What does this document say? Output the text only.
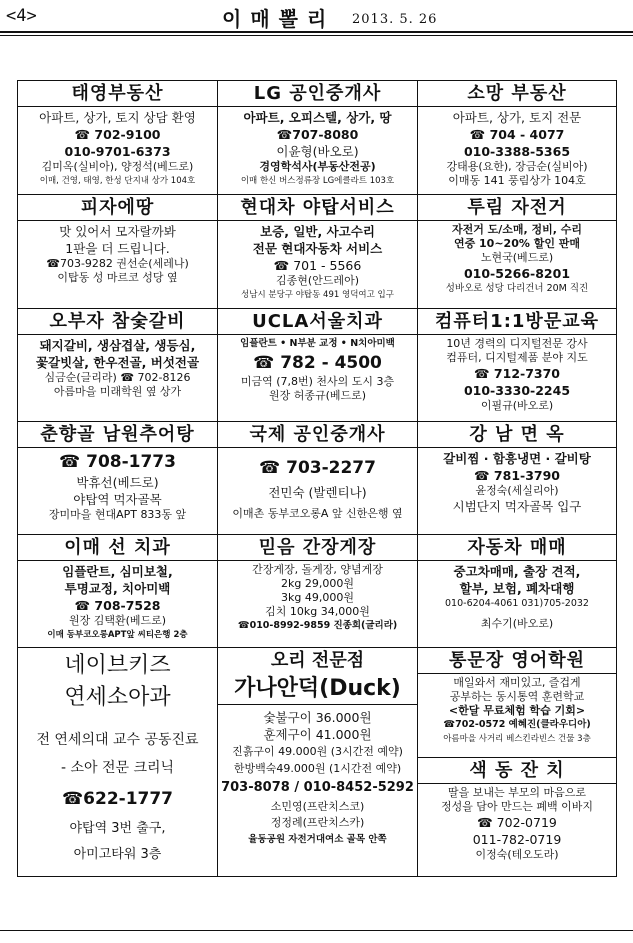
<4>	이매뽈리 2013. 5. 26
태영부동산
아파트, 상가, 토지 상담 환영
☎ 702-9100
010-9701-6373
김미옥(실비아), 양정석(베드로)
이매, 건영, 태영, 한성 단지내 상가 104호
LG 공인중개사
아파트, 오피스텔, 상가, 땅
☎707-8080
이윤형(바오로)
경영학석사(부동산전공)
이매 한신 버스정류장 LG에클라트 103호
소망 부동산
아파트, 상가, 토지 전문
☎ 704 - 4077
010-3388-5365
강태용(요한), 장금순(실비아)
이매동 141 풍림상가 104호
피자에땅
맛 있어서 모자랄까봐
1판을 더 드립니다.
☎703-9282 권선순(세레나)
이탑동 성 마르코 성당 옆
현대차 야탑서비스
보증, 일반, 사고수리
전문 현대자동차 서비스
☎ 701 - 5566
김종현(안드레아)
성남시 분당구 야탑동 491 영덕여고 입구
투림 자전거
자전거 도/소매, 정비, 수리
연중 10~20% 할인 판매
노현국(베드로)
010-5266-8201
성바오로 성당 다리건너 20M 직진
오부자 참숯갈비
돼지갈비, 생삼겹살, 생등심,
꽃갈빗살, 한우전골, 버섯전골
심금순(글리라) ☎ 702-8126
아름마을 미래학원 옆 상가
UCLA서울치과
임플란트 • N부분 교정 • N치아미백
☎ 782 - 4500
미금역 (7,8번) 천사의 도시 3층
원장 허종규(베드로)
컴퓨터1:1방문교육
10년 경력의 디지털전문 강사
컴퓨터, 디지털제품 분야 지도
☎ 712-7370
010-3330-2245
이필규(바오로)
춘향골 남원추어탕
☎ 708-1773
박휴선(베드로)
야탑역 먹자골목
장미마을 현대APT 833동 앞
국제 공인중개사
☎ 703-2277
전민숙 (발렌티나)
이매촌 동부코오롱A 앞 신한은행 옆
강 남 면 옥
갈비찜 · 함흥냉면 · 갈비탕
☎ 781-3790
윤정숙(세실리아)
시범단지 먹자골목 입구
이매 선 치과
임플란트, 심미보철,
투명교정, 치아미백
☎ 708-7528
원장 김택환(베드로)
이매 동부코오롱APT앞 씨티은행 2층
믿음 간장게장
간장게장, 돌게장, 양념게장
2kg 29,000원
3kg 49,000원
김치 10kg 34,000원
☎010-8992-9859 진종희(글리라)
자동차 매매
중고차매매, 출장 견적,
할부, 보험, 폐차대행
010-6204-4061 031)705-2032
최수기(바오로)
네이브키즈
연세소아과
전 연세의대 교수 공동진료
- 소아 전문 크리닉
☎622-1777
야탑역 3번 출구,
아미고타워 3층
오리 전문점
가나안덕(Duck)
숯불구이 36.000원
훈제구이 41.000원
진흙구이 49.000원 (3시간전 예약)
한방백숙49.000원 (1시간전 예약)
703-8078 / 010-8452-5292
소민영(프란치스코)
정정례(프란치스카)
율동공원 자전거대여소 골목 안쪽
통문장 영어학원
매일와서 재미있고, 즐겁게
공부하는 동시통역 훈련학교
<한달 무료체험 학습 기회>
☎702-0572 예혜진(클라우디아)
아름마을 사거리 베스킨라빈스 건물 3층
색 동 잔 치
딸을 보내는 부모의 마음으로
정성을 담아 만드는 폐백 이바지
☎ 702-0719
011-782-0719
이정숙(테오도라)
